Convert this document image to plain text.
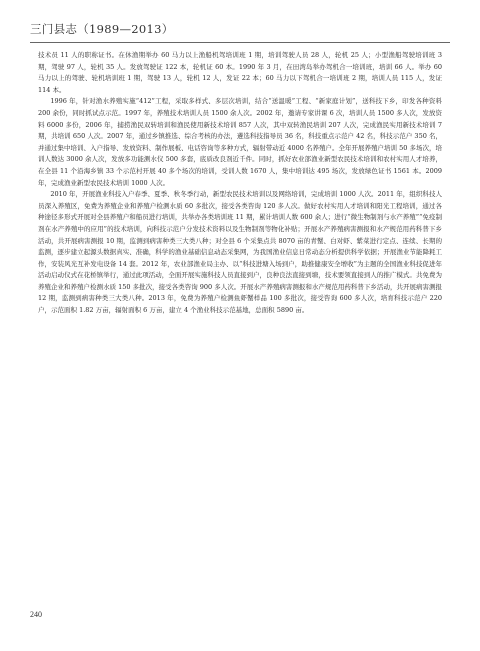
三门县志（1989—2013）

技术员 11 人的职称证书。在休渔期举办 60 马力以上渔船机驾培训班 1 期，培训驾驶人员 28 人，轮机 25 人；小型渔船驾驶培训班 3 期，驾驶 97 人，轮机 35 人。发放驾驶证 122 本，轮机证 60 本。1990 年 3 月，在田湾岛举办驾机合一培训班，培训 66 人。举办 60 马力以上的驾驶、轮机培训班 1 期，驾驶 13 人，轮机 12 人，发证 22 本；60 马力以下驾机合一培训班 2 期，培训人员 115 人，发证 114 本。

1996 年，针对渔水养殖实施“412”工程，采取多样式、多层次培训，结合“送温暖”工程、“新家庭计划”，送科技下乡，印发各种资料 200 余份，同时抓试点示范。1997 年，养殖技术培训人员 1500 余人次。2002 年，邀请专家讲课 6 次，培训人员 1500 多人次，发放资料 6000 多份，2006 年，捕捞渔民双转培训和渔民使用新技术培训 857 人次，其中双转渔民培训 207 人次，完成渔民实用新技术培训 7 期，共培训 650 人次。2007 年，通过乡镇推选、综合考核的办法，遴选科技指导员 36 名，科技重点示范户 42 名，科技示范户 350 名，并通过集中培训、入户指导、发放资料、制作展板、电话咨询等多种方式，辐射带动近 4000 名养殖户。全年开展养殖户培训 50 多场次，培训人数达 3000 余人次，发放多功能测水仪 500 多套，底质改良剂近千件。同时，抓好农业部渔业新型农民技术培训和农村实用人才培养，在全县 11 个沿海乡镇 33 个示范村开展 40 多个场次的培训，受训人数 1670 人，集中培训达 495 场次，发放绿色证书 1561 本。2009 年，完成渔业新型农民技术培训 1000 人次。

2010 年，开展渔业科技入户春季、夏季、秋冬季行动，新型农民技术培训以及网络培训，完成培训 1000 人次。2011 年，组织科技人员深入养殖区，免费为养殖企业和养殖户检测水质 60 多批次，接受各类咨询 120 多人次。做好农村实用人才培训和阳光工程培训，通过各种途径多形式开展对全县养殖户和船员进行培训，共举办各类培训班 11 期，累计培训人数 600 余人；进行“微生物制剂与水产养殖”“免疫制剂在水产养殖中的应用”的技术培训，向科技示范户分发技术资料以及生物制剂等物化补贴；开展水产养殖病害测报和水产规范用药科普下乡活动，共开展病害测报 10 期，监测到病害种类三大类八种；对全县 6 个采集点共 8070 亩的青蟹、白对虾、紫菜进行定点、连续、长期的监测，逐步建立起源头数据真实、准确，科学的渔业基础信息动态采集网，为我国渔业信息日常动态分析提供科学依据；开展渔业节能降耗工作，安装风光互补发电设备 14 套。2012 年，农业部渔业局主办、以“科技进塘入场到户，助推健康安全增收”为主题的全国渔业科技促进年活动启动仪式在花桥镇举行，通过此项活动，全面开展实施科技人员直接到户，良种良法直接到塘，技术要领直接到人的推广模式。共免费为养殖企业和养殖户检测水质 150 多批次，接受各类咨询 900 多人次。开展水产养殖病害测报和水产规范用药科普下乡活动，共开展病害测报 12 期，监测到病害种类三大类八种。2013 年，免费为养殖户检测鱼虾蟹样品 100 多批次，接受咨询 600 多人次，培育科技示范户 220 户，示范面积 1.82 万亩，辐射面积 6 万亩，建立 4 个渔业科技示范基地，总面积 5890 亩。

240
